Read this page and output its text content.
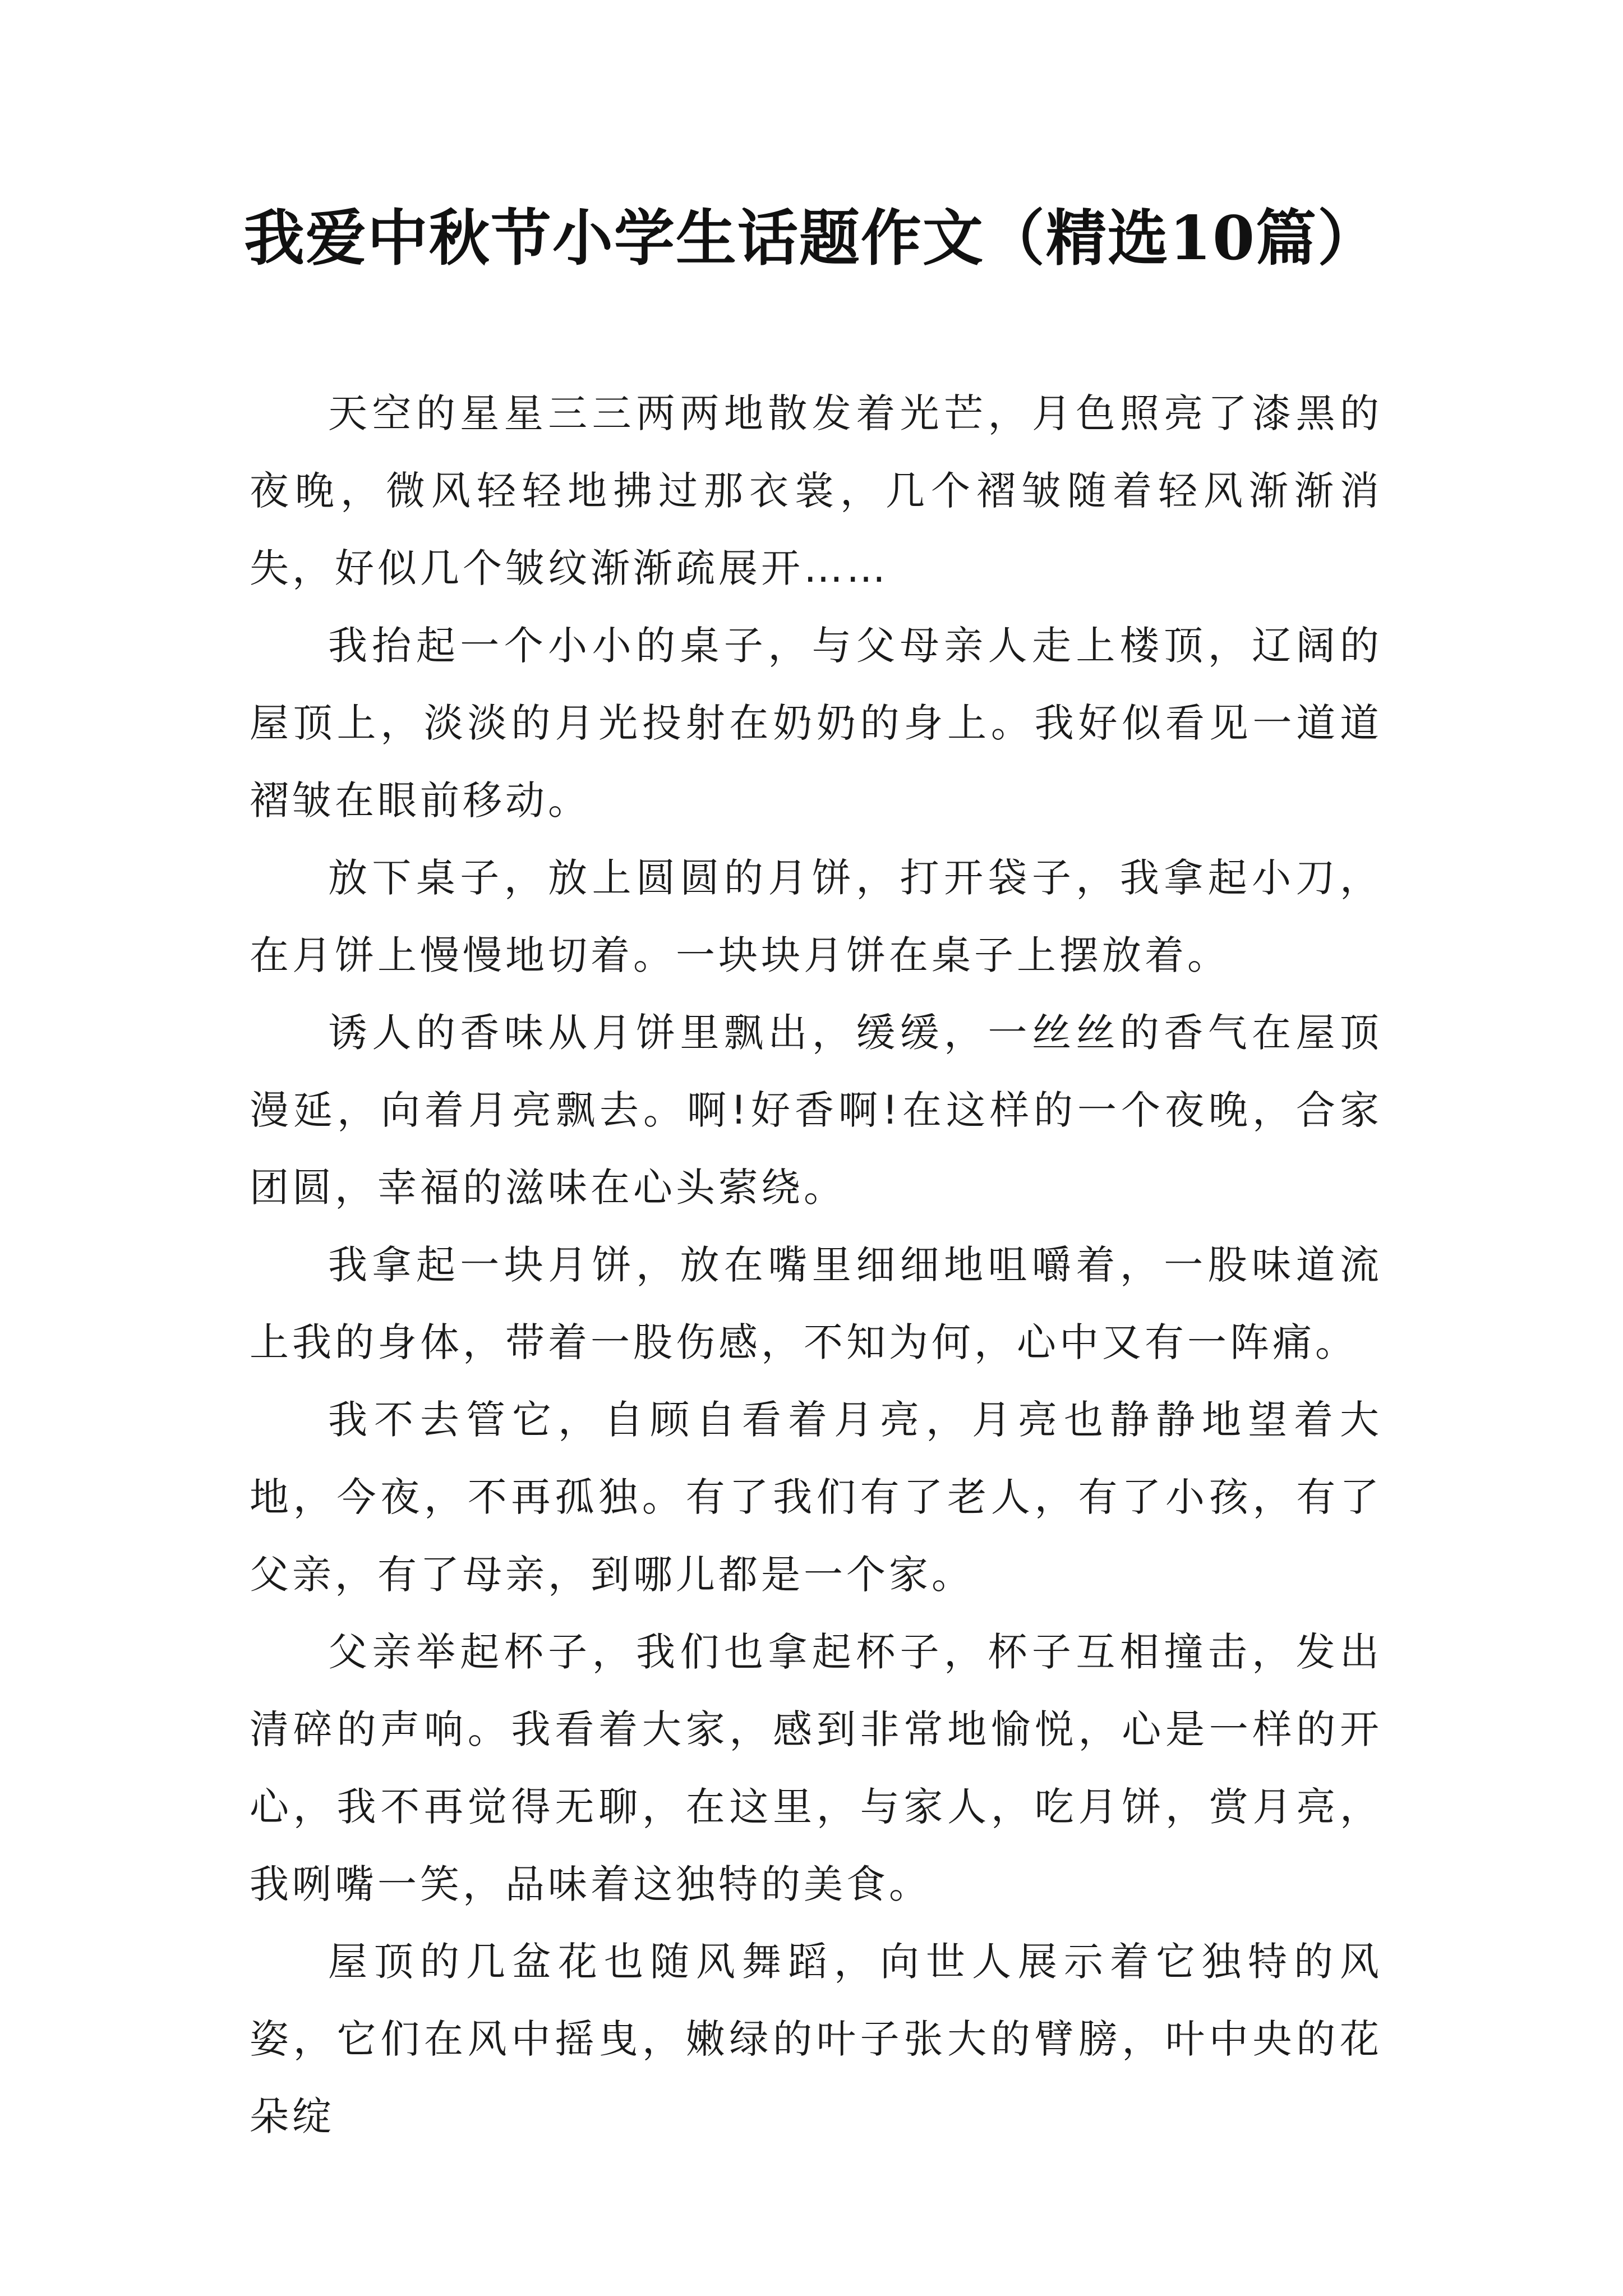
我爱中秋节小学生话题作文（精选10篇）

天空的星星三三两两地散发着光芒，月色照亮了漆黑的夜晚，微风轻轻地拂过那衣裳，几个褶皱随着轻风渐渐消失，好似几个皱纹渐渐疏展开……

我抬起一个小小的桌子，与父母亲人走上楼顶，辽阔的屋顶上，淡淡的月光投射在奶奶的身上。我好似看见一道道褶皱在眼前移动。

放下桌子，放上圆圆的月饼，打开袋子，我拿起小刀，在月饼上慢慢地切着。一块块月饼在桌子上摆放着。

诱人的香味从月饼里飘出，缓缓，一丝丝的香气在屋顶漫延，向着月亮飘去。啊!好香啊!在这样的一个夜晚，合家团圆，幸福的滋味在心头萦绕。

我拿起一块月饼，放在嘴里细细地咀嚼着，一股味道流上我的身体，带着一股伤感，不知为何，心中又有一阵痛。

我不去管它，自顾自看着月亮，月亮也静静地望着大地，今夜，不再孤独。有了我们有了老人，有了小孩，有了父亲，有了母亲，到哪儿都是一个家。

父亲举起杯子，我们也拿起杯子，杯子互相撞击，发出清碎的声响。我看着大家，感到非常地愉悦，心是一样的开心，我不再觉得无聊，在这里，与家人，吃月饼，赏月亮，我咧嘴一笑，品味着这独特的美食。

屋顶的几盆花也随风舞蹈，向世人展示着它独特的风姿，它们在风中摇曳，嫩绿的叶子张大的臂膀，叶中央的花朵绽
